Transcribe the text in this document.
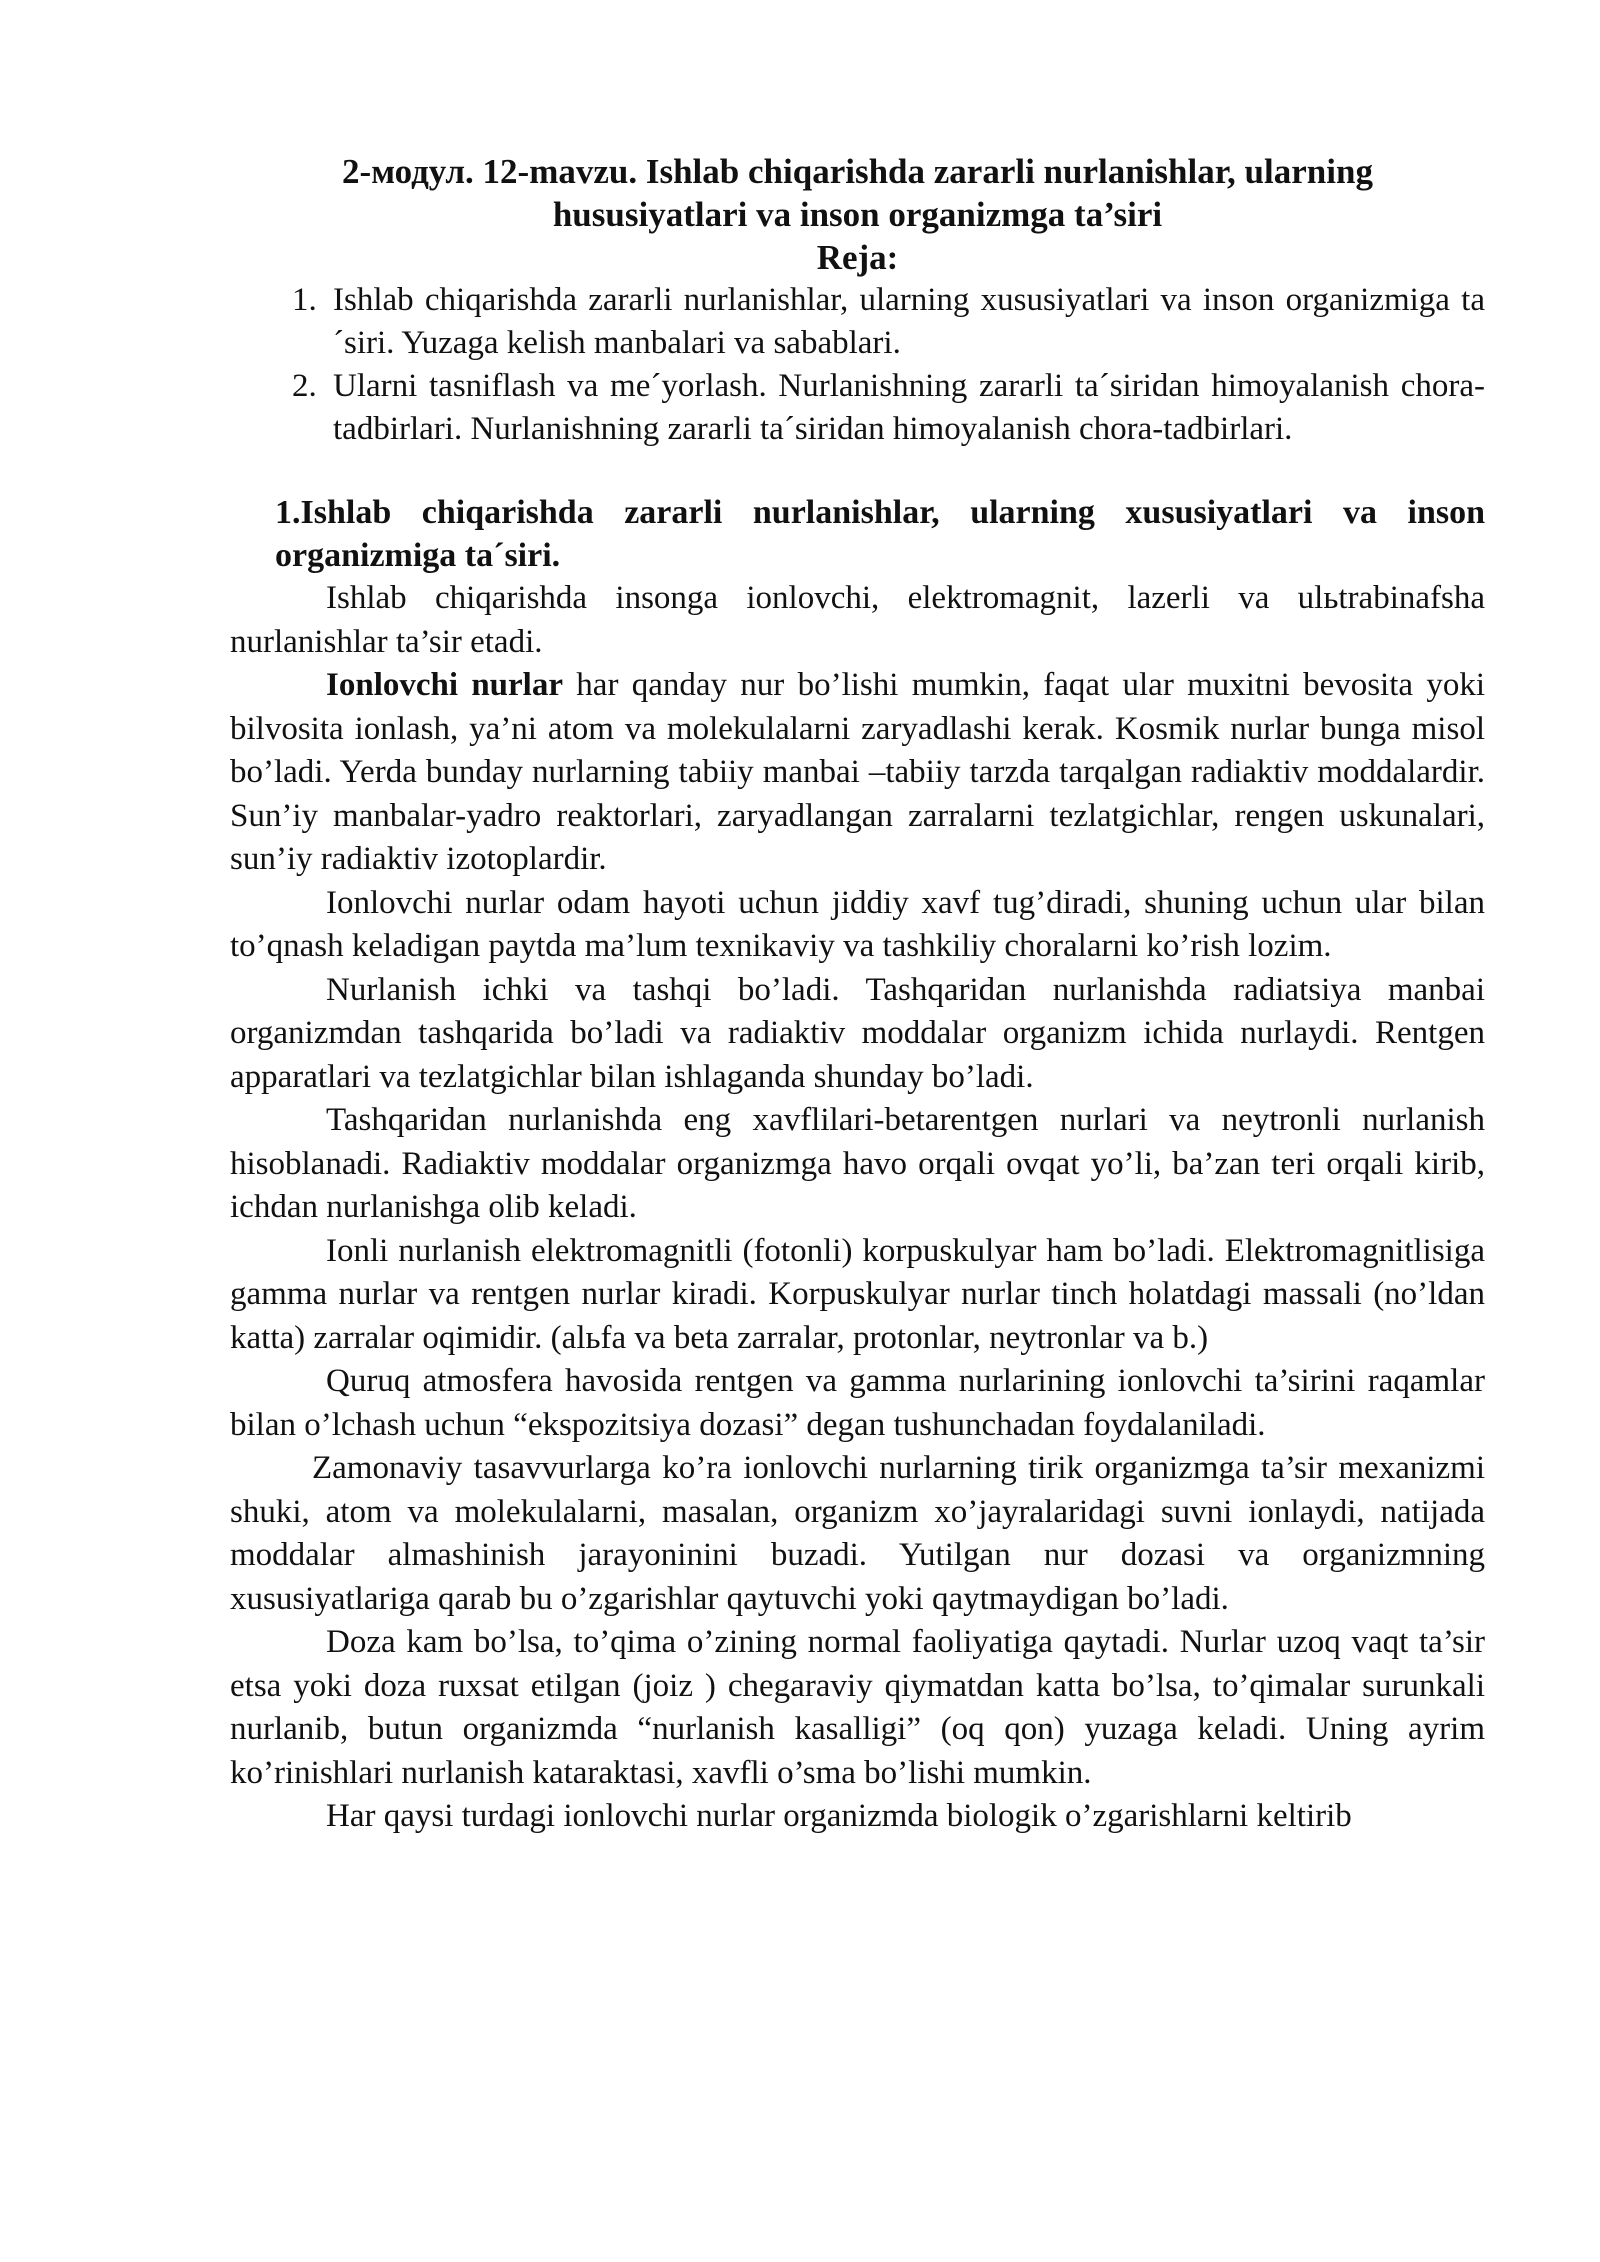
2-модул. 12-mavzu. Ishlab chiqarishda zararli nurlanishlar, ularning
hususiyatlari va inson organizmga ta’siri
Reja:
1. Ishlab chiqarishda zararli nurlanishlar, ularning xususiyatlari va inson organizmiga ta´siri. Yuzaga kelish manbalari va sabablari.
2. Ularni tasniflash va me´yorlash. Nurlanishning zararli ta´siridan himoyalanish chora-tadbirlari. Nurlanishning zararli ta´siridan himoyalanish chora-tadbirlari.
1.Ishlab chiqarishda zararli nurlanishlar, ularning xususiyatlari va inson organizmiga ta´siri.

Ishlab chiqarishda insonga ionlovchi, elektromagnit, lazerli va ulьtrabinafsha nurlanishlar ta’sir etadi.

Ionlovchi nurlar har qanday nur bo’lishi mumkin, faqat ular muxitni bevosita yoki bilvosita ionlash, ya’ni atom va molekulalarni zaryadlashi kerak. Kosmik nurlar bunga misol bo’ladi. Yerda bunday nurlarning tabiiy manbai –tabiiy tarzda tarqalgan radiaktiv moddalardir. Sun’iy manbalar-yadro reaktorlari, zaryadlangan zarralarni tezlatgichlar, rengen uskunalari, sun’iy radiaktiv izotoplardir.

Ionlovchi nurlar odam hayoti uchun jiddiy xavf tug’diradi, shuning uchun ular bilan to’qnash keladigan paytda ma’lum texnikaviy va tashkiliy choralarni ko’rish lozim.

Nurlanish ichki va tashqi bo’ladi. Tashqaridan nurlanishda radiatsiya manbai organizmdan tashqarida bo’ladi va radiaktiv moddalar organizm ichida nurlaydi. Rentgen apparatlari va tezlatgichlar bilan ishlaganda shunday bo’ladi.

Tashqaridan nurlanishda eng xavflilari-betarentgen nurlari va neytronli nurlanish hisoblanadi. Radiaktiv moddalar organizmga havo orqali ovqat yo’li, ba’zan teri orqali kirib, ichdan nurlanishga olib keladi.

Ionli nurlanish elektromagnitli (fotonli) korpuskulyar ham bo’ladi. Elektromagnitlisiga gamma nurlar va rentgen nurlar kiradi. Korpuskulyar nurlar tinch holatdagi massali (no’ldan katta) zarralar oqimidir. (alьfa va beta zarralar, protonlar, neytronlar va b.)

Quruq atmosfera havosida rentgen va gamma nurlarining ionlovchi ta’sirini raqamlar bilan o’lchash uchun “ekspozitsiya dozasi” degan tushunchadan foydalaniladi.

Zamonaviy tasavvurlarga ko’ra ionlovchi nurlarning tirik organizmga ta’sir mexanizmi shuki, atom va molekulalarni, masalan, organizm xo’jayralaridagi suvni ionlaydi, natijada moddalar almashinish jarayoninini buzadi. Yutilgan nur dozasi va organizmning xususiyatlariga qarab bu o’zgarishlar qaytuvchi yoki qaytmaydigan bo’ladi.

Doza kam bo’lsa, to’qima o’zining normal faoliyatiga qaytadi. Nurlar uzoq vaqt ta’sir etsa yoki doza ruxsat etilgan (joiz ) chegaraviy qiymatdan katta bo’lsa, to’qimalar surunkali nurlanib, butun organizmda “nurlanish kasalligi” (oq qon) yuzaga keladi. Uning ayrim ko’rinishlari nurlanish kataraktasi, xavfli o’sma bo’lishi mumkin.

Har qaysi turdagi ionlovchi nurlar organizmda biologik o’zgarishlarni keltirib
